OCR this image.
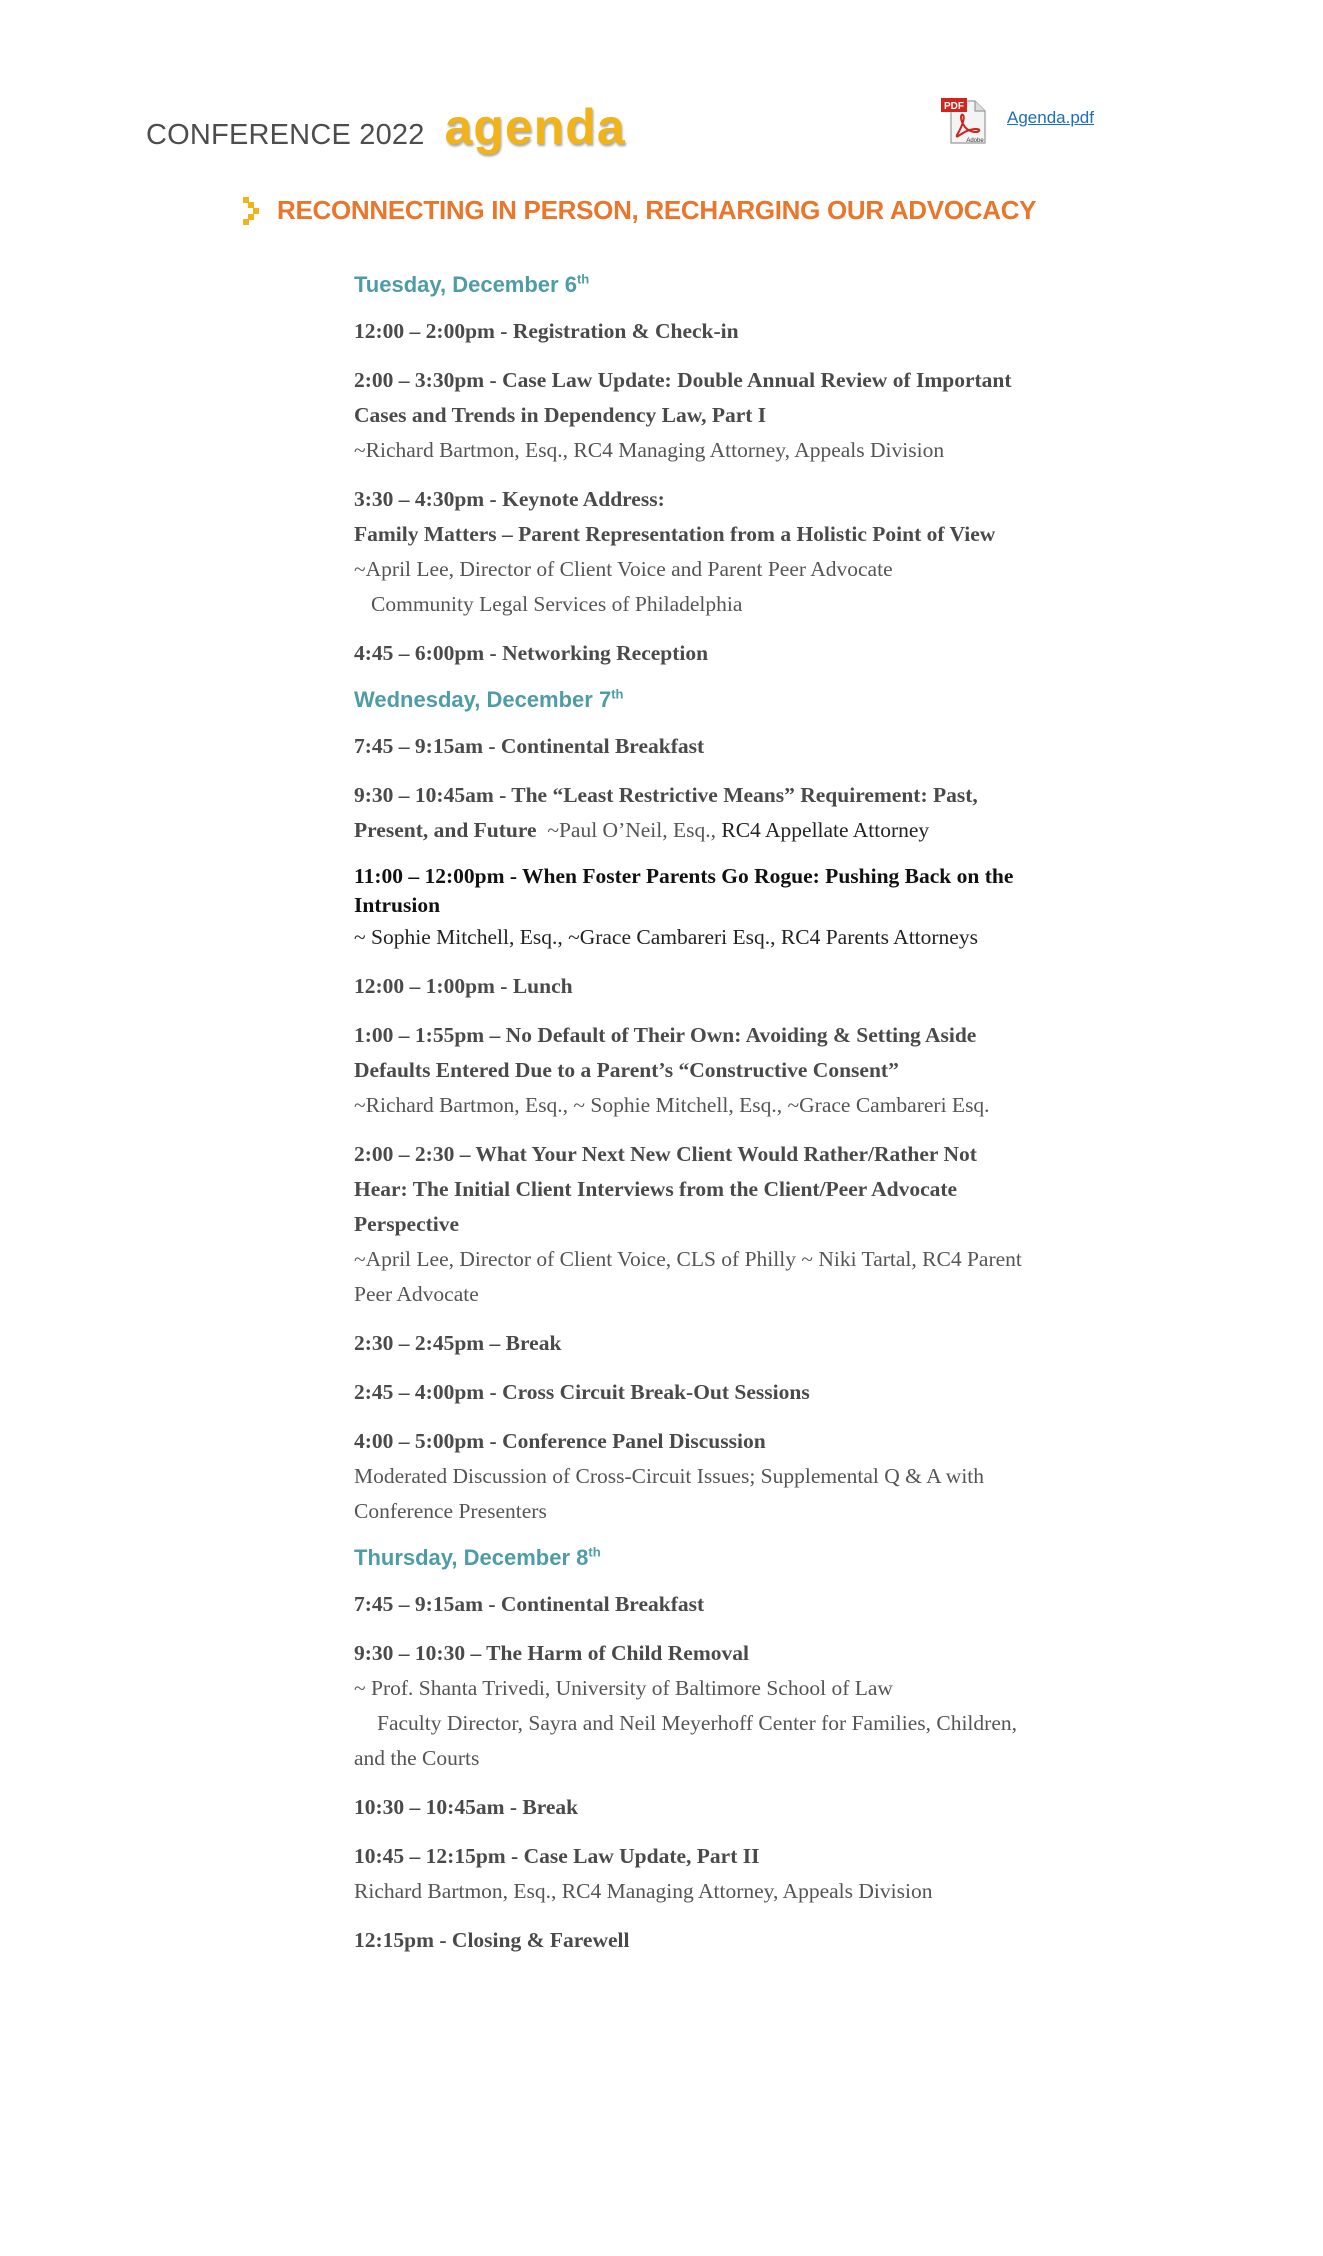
CONFERENCE 2022 agenda	PDF
Adobe
Agenda.pdf
RECONNECTING IN PERSON, RECHARGING OUR ADVOCACY
Tuesday, December 6th
12:00 – 2:00pm - Registration & Check-in
2:00 – 3:30pm - Case Law Update: Double Annual Review of Important Cases and Trends in Dependency Law, Part I
~Richard Bartmon, Esq., RC4 Managing Attorney, Appeals Division
3:30 – 4:30pm - Keynote Address:
Family Matters – Parent Representation from a Holistic Point of View
~April Lee, Director of Client Voice and Parent Peer Advocate
Community Legal Services of Philadelphia
4:45 – 6:00pm - Networking Reception
Wednesday, December 7th
7:45 – 9:15am - Continental Breakfast
9:30 – 10:45am - The “Least Restrictive Means” Requirement: Past, Present, and Future ~Paul O’Neil, Esq., RC4 Appellate Attorney
11:00 – 12:00pm - When Foster Parents Go Rogue: Pushing Back on the Intrusion
~ Sophie Mitchell, Esq., ~Grace Cambareri Esq., RC4 Parents Attorneys
12:00 – 1:00pm - Lunch
1:00 – 1:55pm – No Default of Their Own: Avoiding & Setting Aside Defaults Entered Due to a Parent’s “Constructive Consent”
~Richard Bartmon, Esq., ~ Sophie Mitchell, Esq., ~Grace Cambareri Esq.
2:00 – 2:30 – What Your Next New Client Would Rather/Rather Not Hear: The Initial Client Interviews from the Client/Peer Advocate Perspective
~April Lee, Director of Client Voice, CLS of Philly ~ Niki Tartal, RC4 Parent Peer Advocate
2:30 – 2:45pm – Break
2:45 – 4:00pm - Cross Circuit Break-Out Sessions
4:00 – 5:00pm - Conference Panel Discussion
Moderated Discussion of Cross-Circuit Issues; Supplemental Q & A with Conference Presenters
Thursday, December 8th
7:45 – 9:15am - Continental Breakfast
9:30 – 10:30 – The Harm of Child Removal
~ Prof. Shanta Trivedi, University of Baltimore School of Law
Faculty Director, Sayra and Neil Meyerhoff Center for Families, Children, and the Courts
10:30 – 10:45am - Break
10:45 – 12:15pm - Case Law Update, Part II
Richard Bartmon, Esq., RC4 Managing Attorney, Appeals Division
12:15pm - Closing & Farewell
